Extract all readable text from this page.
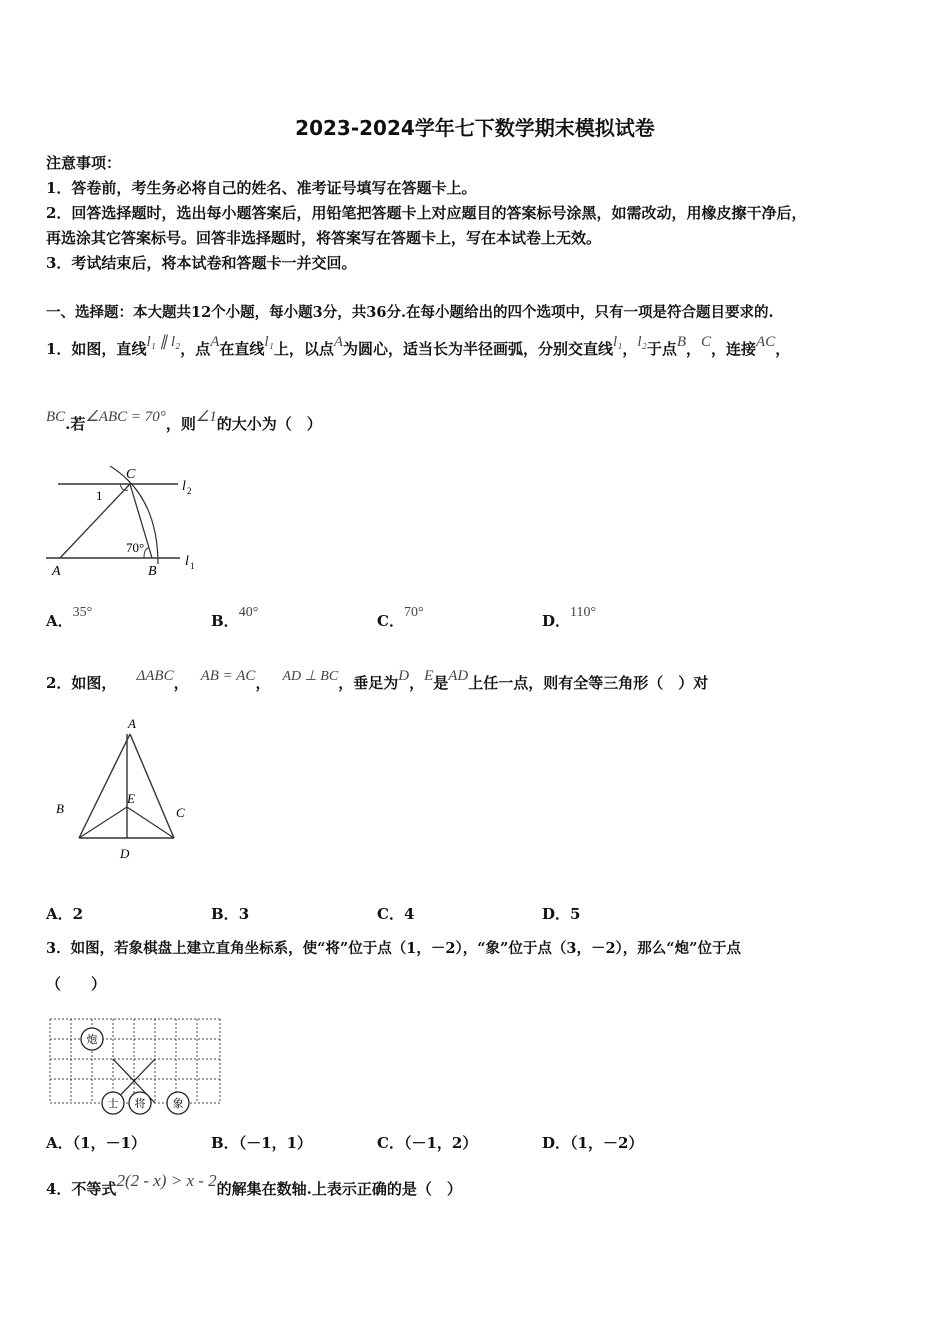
2023-2024学年七下数学期末模拟试卷
注意事项：
1．答卷前，考生务必将自己的姓名、准考证号填写在答题卡上。
2．回答选择题时，选出每小题答案后，用铅笔把答题卡上对应题目的答案标号涂黑，如需改动，用橡皮擦干净后，
再选涂其它答案标号。回答非选择题时，将答案写在答题卡上，写在本试卷上无效。
3．考试结束后，将本试卷和答题卡一并交回。
一、选择题：本大题共12个小题，每小题3分，共36分.在每小题给出的四个选项中，只有一项是符合题目要求的.
1．如图，直线l₁ ∥ l₂，点A在直线l₁上，以点A为圆心，适当长为半径画弧，分别交直线l₁，l₂于点B，C，连接AC，
BC.若∠ABC = 70°，则∠1的大小为（　）
C
l 2
1
70°
A	B
l 1
A．35°	B．40°	C．70°	D．110°
2．如图， ΔABC， AB = AC， AD ⊥ BC，垂足为D，E是AD上任一点，则有全等三角形（　）对
A
B	C
E
D
A．2	B．3	C．4	D．5
3．如图，若象棋盘上建立直角坐标系，使“将”位于点（1，－2），“象”位于点（3，－2），那么“炮”位于点
（　　）
炮
士 将 象
A．（1，－1）	B．（－1，1）	C．（－1，2）	D．（1，－2）
4．不等式2(2 - x) > x - 2的解集在数轴.上表示正确的是（　）
